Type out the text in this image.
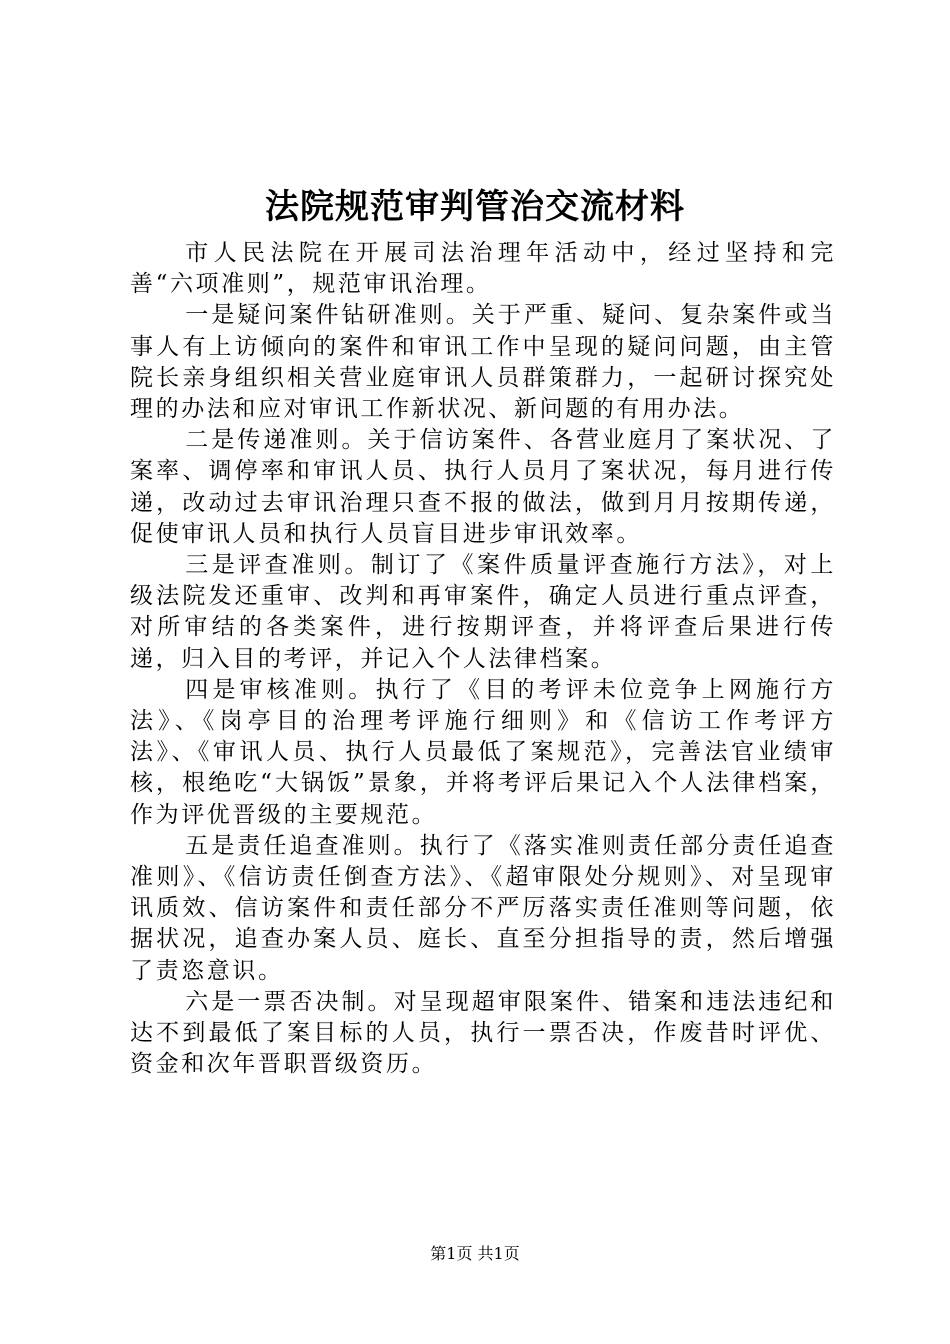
法院规范审判管治交流材料

市人民法院在开展司法治理年活动中，经过坚持和完善“六项准则”，规范审讯治理。

一是疑问案件钻研准则。关于严重、疑问、复杂案件或当事人有上访倾向的案件和审讯工作中呈现的疑问问题，由主管院长亲身组织相关营业庭审讯人员群策群力，一起研讨探究处理的办法和应对审讯工作新状况、新问题的有用办法。

二是传递准则。关于信访案件、各营业庭月了案状况、了案率、调停率和审讯人员、执行人员月了案状况，每月进行传递，改动过去审讯治理只查不报的做法，做到月月按期传递，促使审讯人员和执行人员盲目进步审讯效率。

三是评查准则。制订了《案件质量评查施行方法》，对上级法院发还重审、改判和再审案件，确定人员进行重点评查，对所审结的各类案件，进行按期评查，并将评查后果进行传递，归入目的考评，并记入个人法律档案。

四是审核准则。执行了《目的考评未位竞争上网施行方法》、《岗亭目的治理考评施行细则》和《信访工作考评方法》、《审讯人员、执行人员最低了案规范》，完善法官业绩审核，根绝吃“大锅饭”景象，并将考评后果记入个人法律档案，作为评优晋级的主要规范。

五是责任追查准则。执行了《落实准则责任部分责任追查准则》、《信访责任倒查方法》、《超审限处分规则》、对呈现审讯质效、信访案件和责任部分不严厉落实责任准则等问题，依据状况，追查办案人员、庭长、直至分担指导的责，然后增强了责恣意识。

六是一票否决制。对呈现超审限案件、错案和违法违纪和达不到最低了案目标的人员，执行一票否决，作废昔时评优、资金和次年晋职晋级资历。

第1页 共1页
